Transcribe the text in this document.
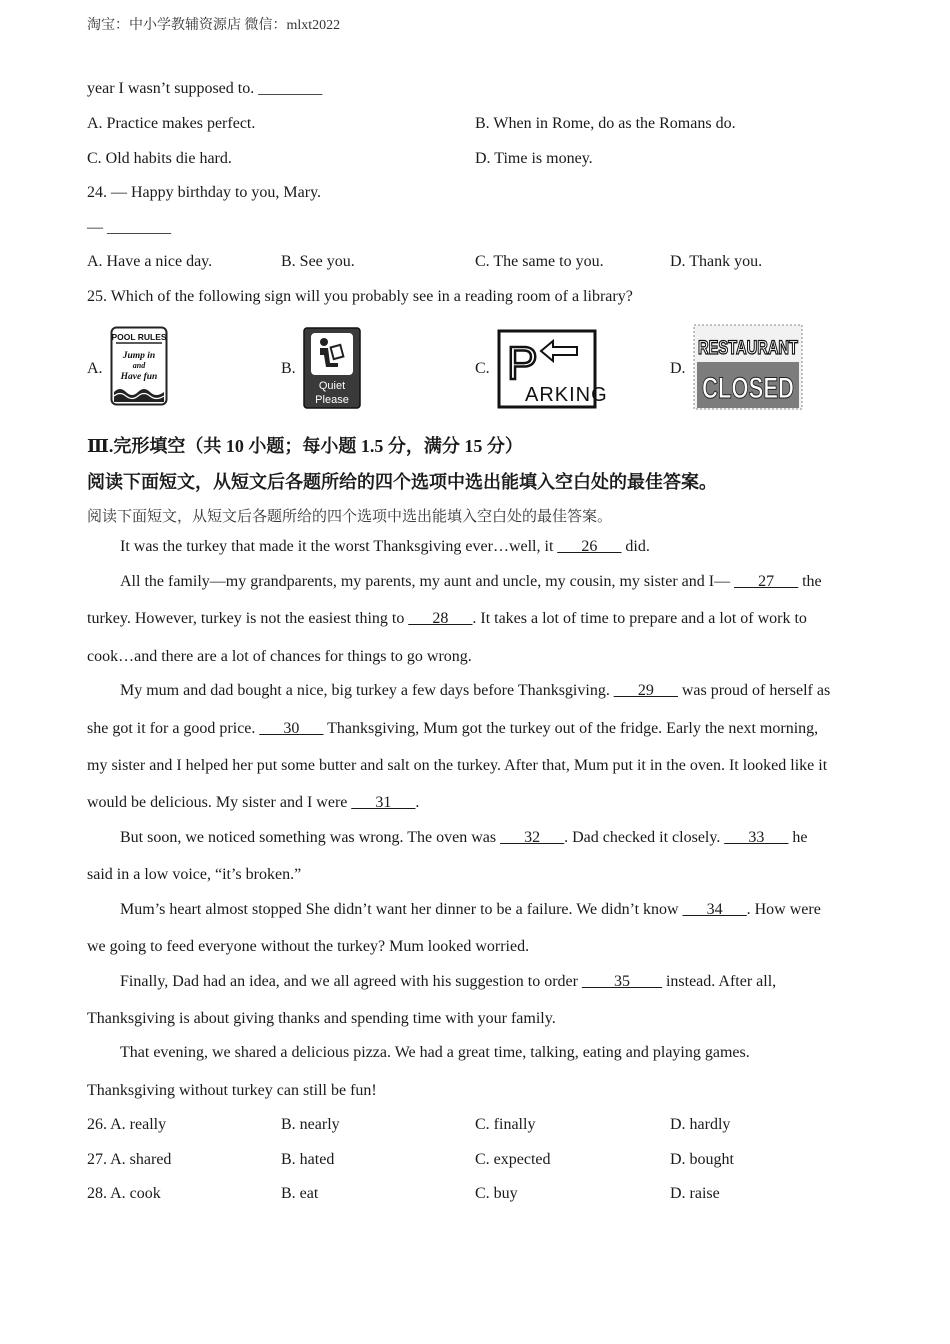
淘宝：中小学教辅资源店 微信：mlxt2022
year I wasn’t supposed to. ________
A. Practice makes perfect.	B. When in Rome, do as the Romans do.
C. Old habits die hard.	D. Time is money.
24. — Happy birthday to you, Mary.
— ________
A. Have a nice day.	B. See you.	C. The same to you.	D. Thank you.
25. Which of the following sign will you probably see in a reading room of a library?
A.
POOL RULES
Jump in
and
Have fun	B.
Quiet
Please
C. P
ARKING
D.
RESTAURANT
CLOSED
Ⅲ.完形填空（共 10 小题；每小题 1.5 分，满分 15 分）
阅读下面短文，从短文后各题所给的四个选项中选出能填入空白处的最佳答案。
阅读下面短文，从短文后各题所给的四个选项中选出能填入空白处的最佳答案。
It was the turkey that made it the worst Thanksgiving ever…well, it ___26___ did.
All the family—my grandparents, my parents, my aunt and uncle, my cousin, my sister and I— ___27___ the
turkey. However, turkey is not the easiest thing to ___28___. It takes a lot of time to prepare and a lot of work to
cook…and there are a lot of chances for things to go wrong.
My mum and dad bought a nice, big turkey a few days before Thanksgiving. ___29___ was proud of herself as
she got it for a good price. ___30___ Thanksgiving, Mum got the turkey out of the fridge. Early the next morning,
my sister and I helped her put some butter and salt on the turkey. After that, Mum put it in the oven. It looked like it
would be delicious. My sister and I were ___31___.
But soon, we noticed something was wrong. The oven was ___32___. Dad checked it closely. ___33___ he
said in a low voice, “it’s broken.”
Mum’s heart almost stopped She didn’t want her dinner to be a failure. We didn’t know ___34___. How were
we going to feed everyone without the turkey? Mum looked worried.
Finally, Dad had an idea, and we all agreed with his suggestion to order ____35____ instead. After all,
Thanksgiving is about giving thanks and spending time with your family.
That evening, we shared a delicious pizza. We had a great time, talking, eating and playing games.
Thanksgiving without turkey can still be fun!
26. A. really	B. nearly	C. finally	D. hardly
27. A. shared	B. hated	C. expected	D. bought
28. A. cook	B. eat	C. buy	D. raise
